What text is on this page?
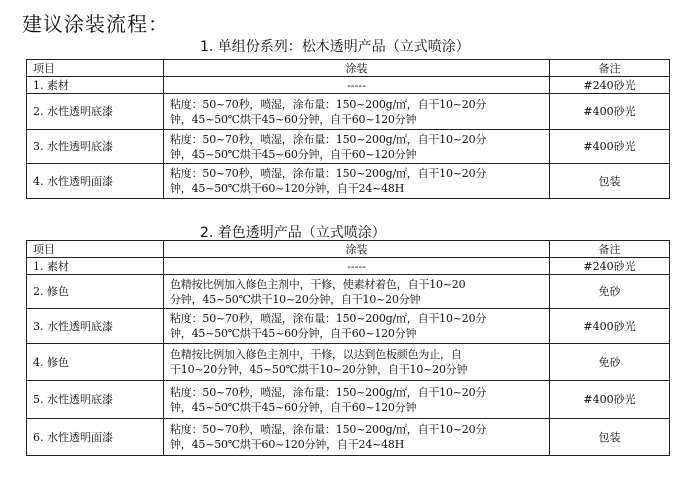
建议涂装流程：
1. 单组份系列：松木透明产品（立式喷涂）
项目	涂装	备注
1. 素材	-----	#240砂光
2. 水性透明底漆	粘度：50~70秒，喷湿，涂布量：150~200g/㎡，自干10~20分
钟，45~50℃烘干45~60分钟，自干60~120分钟	#400砂光
3. 水性透明底漆	粘度：50~70秒，喷湿，涂布量：150~200g/㎡，自干10~20分
钟，45~50℃烘干45~60分钟，自干60~120分钟	#400砂光
4. 水性透明面漆	粘度：50~70秒，喷湿，涂布量：150~200g/㎡，自干10~20分
钟，45~50℃烘干60~120分钟，自干24~48H	包装
2. 着色透明产品（立式喷涂）
项目	涂装	备注
1. 素材	-----	#240砂光
2. 修色	色精按比例加入修色主剂中，干修，使素材着色，自干10~20
分钟，45~50℃烘干10~20分钟，自干10~20分钟	免砂
3. 水性透明底漆	粘度：50~70秒，喷湿，涂布量：150~200g/㎡，自干10~20分
钟，45~50℃烘干45~60分钟，自干60~120分钟	#400砂光
4. 修色	色精按比例加入修色主剂中，干修，以达到色板颜色为止，自
干10~20分钟，45~50℃烘干10~20分钟，自干10~20分钟	免砂
5. 水性透明底漆	粘度：50~70秒，喷湿，涂布量：150~200g/㎡，自干10~20分
钟，45~50℃烘干45~60分钟，自干60~120分钟	#400砂光
6. 水性透明面漆	粘度：50~70秒，喷湿，涂布量：150~200g/㎡，自干10~20分
钟，45~50℃烘干60~120分钟，自干24~48H	包装
